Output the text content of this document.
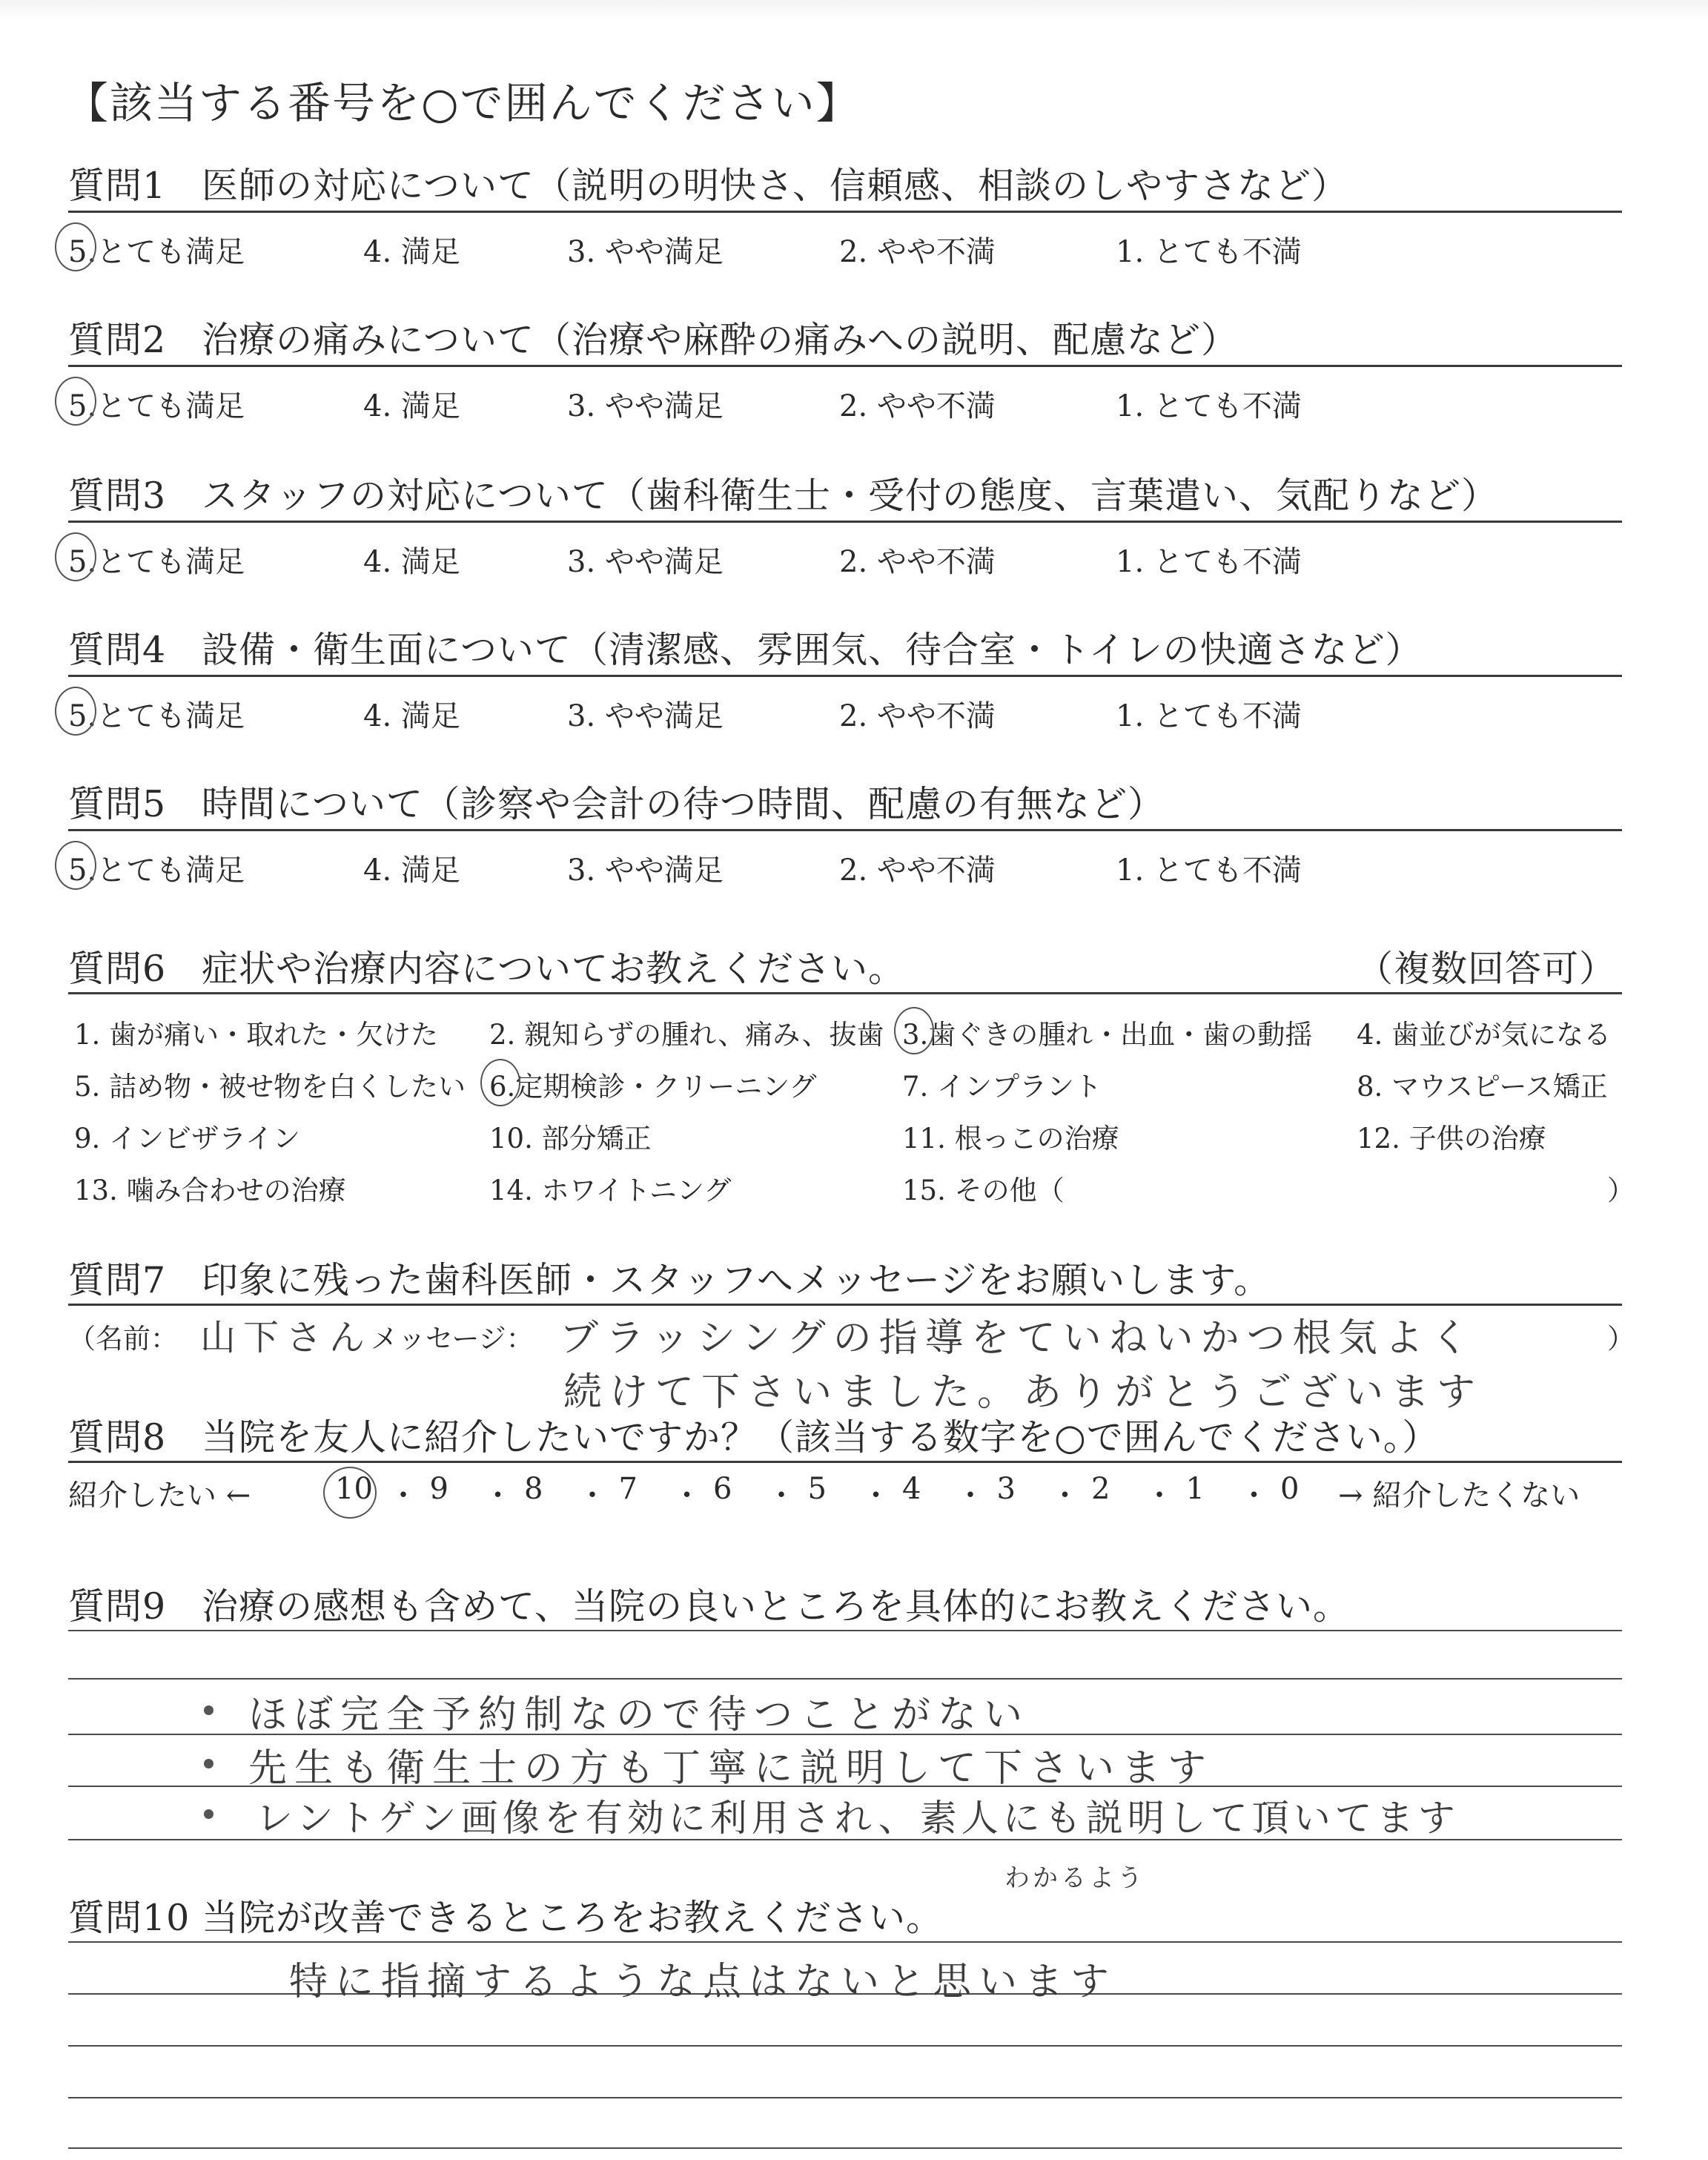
【該当する番号を○で囲んでください】
質問1 医師の対応について（説明の明快さ、信頼感、相談のしやすさなど）
5.とても満足	4. 満足	3. やや満足	2. やや不満	1. とても不満
質問2 治療の痛みについて（治療や麻酔の痛みへの説明、配慮など）
5.とても満足	4. 満足	3. やや満足	2. やや不満	1. とても不満
質問3 スタッフの対応について（歯科衛生士・受付の態度、言葉遣い、気配りなど）
5.とても満足	4. 満足	3. やや満足	2. やや不満	1. とても不満
質問4 設備・衛生面について（清潔感、雰囲気、待合室・トイレの快適さなど）
5.とても満足	4. 満足	3. やや満足	2. やや不満	1. とても不満
質問5 時間について（診察や会計の待つ時間、配慮の有無など）
5.とても満足	4. 満足	3. やや満足	2. やや不満	1. とても不満
質問6 症状や治療内容についてお教えください。	（複数回答可）
1. 歯が痛い・取れた・欠けた 2. 親知らずの腫れ、痛み、抜歯 3.歯ぐきの腫れ・出血・歯の動揺 4. 歯並びが気になる
5. 詰め物・被せ物を白くしたい 6.定期検診・クリーニング	7. インプラント	8. マウスピース矯正
9. インビザライン	10. 部分矯正	11. 根っこの治療	12. 子供の治療
13. 噛み合わせの治療	14. ホワイトニング	15. その他（	）
質問7 印象に残った歯科医師・スタッフへメッセージをお願いします。
（名前： 山下さん
メッセージ： ブラッシングの指導をていねいかつ根気よく
続けて下さいました。ありがとうございます
）
質問8 当院を友人に紹介したいですか？（該当する数字を○で囲んでください。）
紹介したい ←	10 ・ 9 ・ 8 ・ 7 ・ 6 ・ 5 ・ 4 ・ 3 ・ 2 ・ 1 ・ 0 → 紹介したくない
質問9 治療の感想も含めて、当院の良いところを具体的にお教えください。
ほぼ完全予約制なので待つことがない
先生も衛生士の方も丁寧に説明して下さいます
レントゲン画像を有効に利用され、素人にも説明して頂いてます
わかるよう
質問10 当院が改善できるところをお教えください。
特に指摘するような点はないと思います
